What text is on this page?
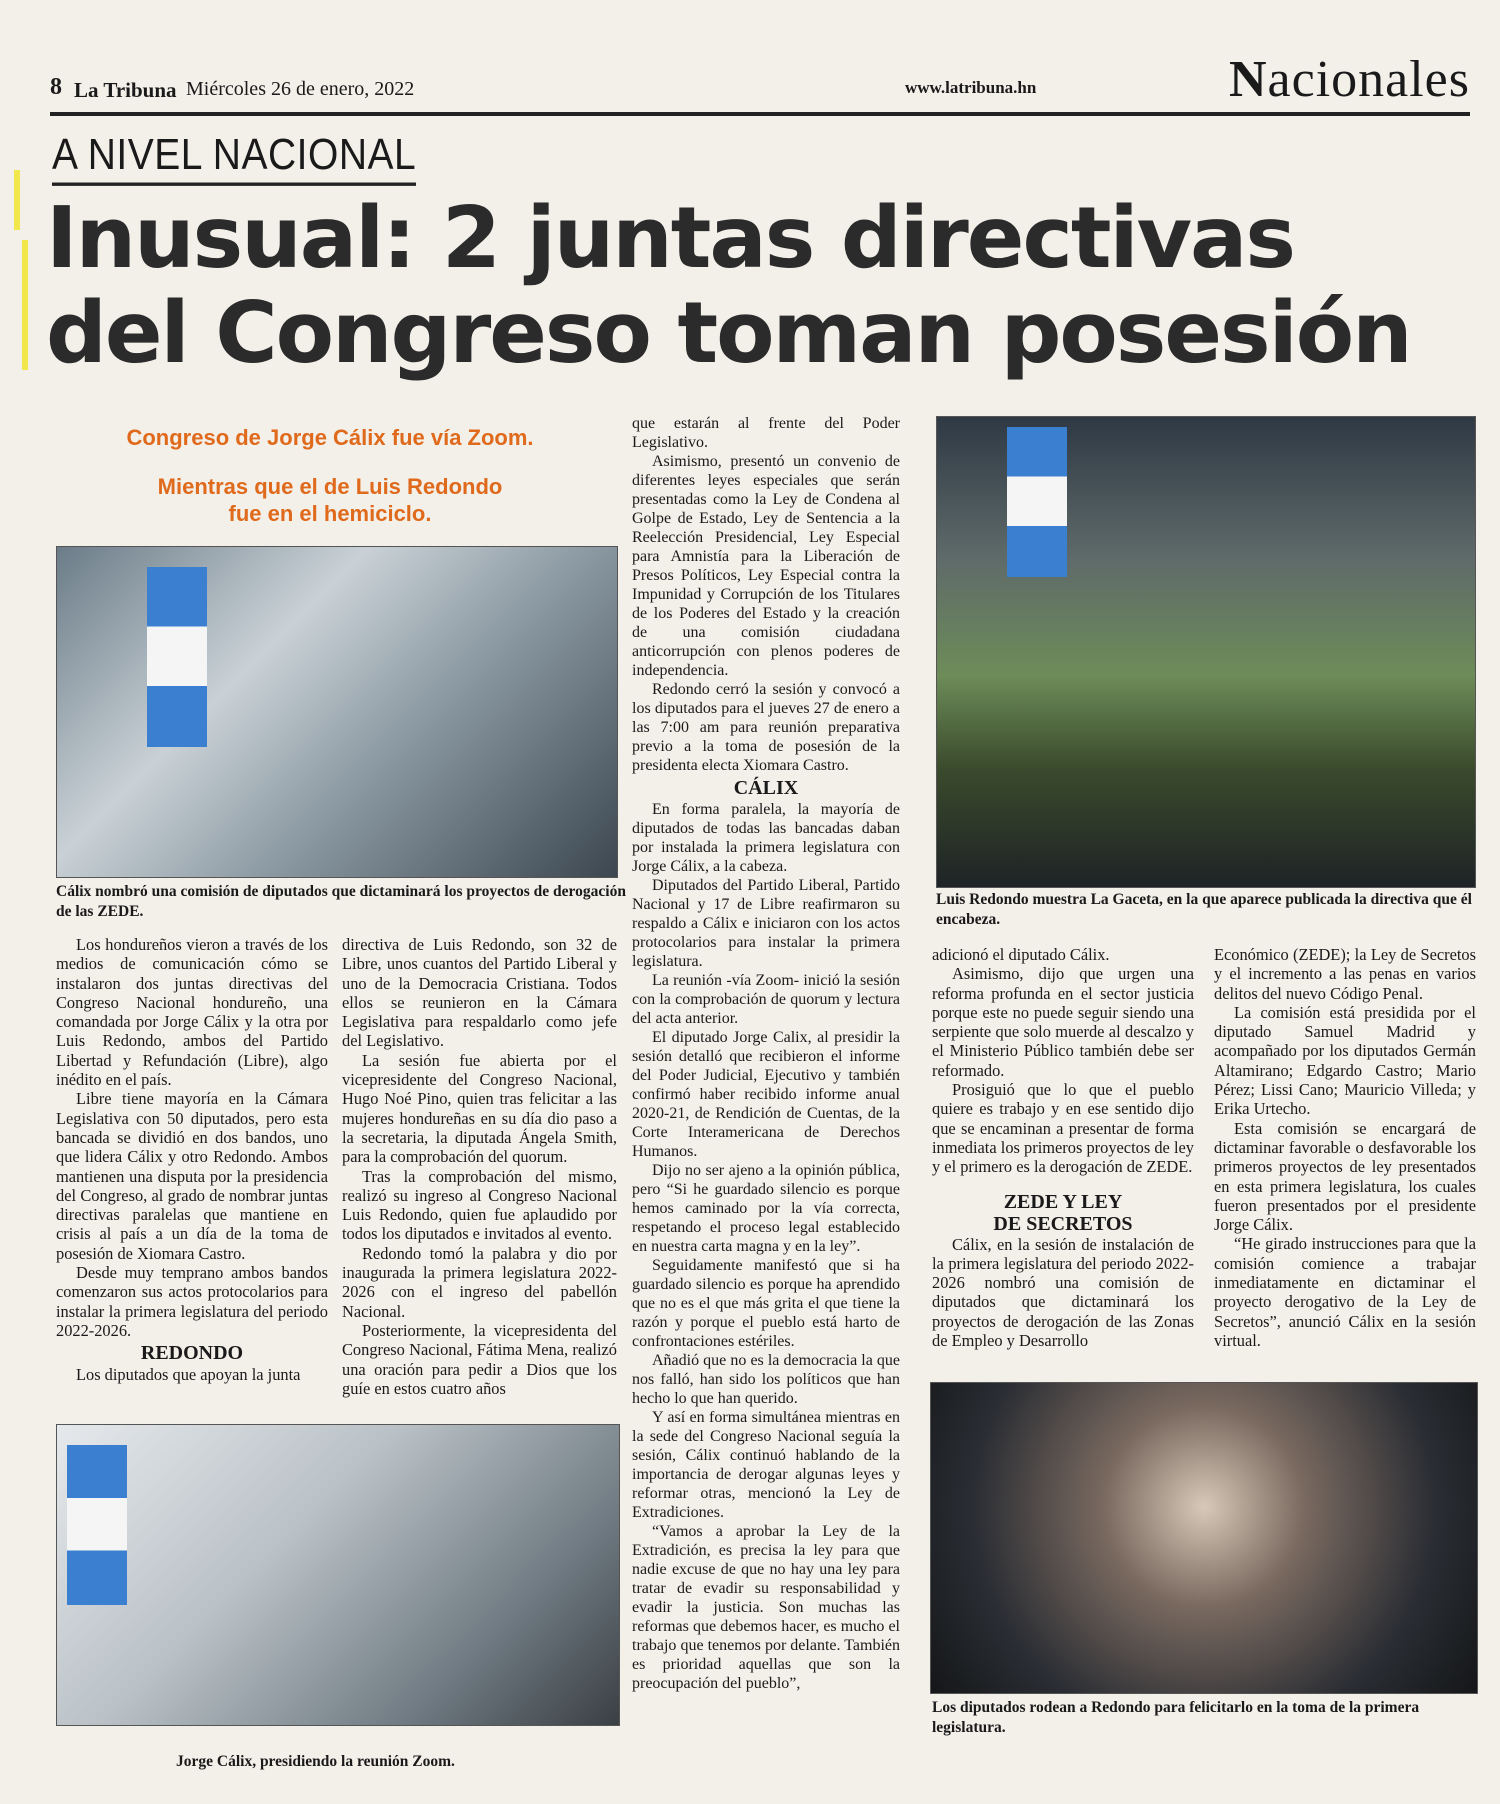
8 La Tribuna Miércoles 26 de enero, 2022	www.latribuna.hn	Nacionales
A NIVEL NACIONAL
Inusual: 2 juntas directivas
del Congreso toman posesión
Congreso de Jorge Cálix fue vía Zoom.
Mientras que el de Luis Redondo
fue en el hemiciclo.
Cálix nombró una comisión de diputados que dictaminará los proyectos de derogación de las ZEDE.
Luis Redondo muestra La Gaceta, en la que aparece publicada la directiva que él encabeza.

Los hondureños vieron a través de los medios de comunicación cómo se instalaron dos juntas directivas del Congreso Nacional hondureño, una comandada por Jorge Cálix y la otra por Luis Redondo, ambos del Partido Libertad y Refundación (Libre), algo inédito en el país.

Libre tiene mayoría en la Cámara Legislativa con 50 diputados, pero esta bancada se dividió en dos bandos, uno que lidera Cálix y otro Redondo. Ambos mantienen una disputa por la presidencia del Congreso, al grado de nombrar juntas directivas paralelas que mantiene en crisis al país a un día de la toma de posesión de Xiomara Castro.

Desde muy temprano ambos bandos comenzaron sus actos protocolarios para instalar la primera legislatura del periodo 2022-2026.

REDONDO

Los diputados que apoyan la junta

directiva de Luis Redondo, son 32 de Libre, unos cuantos del Partido Liberal y uno de la Democracia Cristiana. Todos ellos se reunieron en la Cámara Legislativa para respaldarlo como jefe del Legislativo.

La sesión fue abierta por el vicepresidente del Congreso Nacional, Hugo Noé Pino, quien tras felicitar a las mujeres hondureñas en su día dio paso a la secretaria, la diputada Ángela Smith, para la comprobación del quorum.

Tras la comprobación del mismo, realizó su ingreso al Congreso Nacional Luis Redondo, quien fue aplaudido por todos los diputados e invitados al evento.

Redondo tomó la palabra y dio por inaugurada la primera legislatura 2022-2026 con el ingreso del pabellón Nacional.

Posteriormente, la vicepresidenta del Congreso Nacional, Fátima Mena, realizó una oración para pedir a Dios que los guíe en estos cuatro años

Jorge Cálix, presidiendo la reunión Zoom.

que estarán al frente del Poder Legislativo.

Asimismo, presentó un convenio de diferentes leyes especiales que serán presentadas como la Ley de Condena al Golpe de Estado, Ley de Sentencia a la Reelección Presidencial, Ley Especial para Amnistía para la Liberación de Presos Políticos, Ley Especial contra la Impunidad y Corrupción de los Titulares de los Poderes del Estado y la creación de una comisión ciudadana anticorrupción con plenos poderes de independencia.

Redondo cerró la sesión y convocó a los diputados para el jueves 27 de enero a las 7:00 am para reunión preparativa previo a la toma de posesión de la presidenta electa Xiomara Castro.

CÁLIX

En forma paralela, la mayoría de diputados de todas las bancadas daban por instalada la primera legislatura con Jorge Cálix, a la cabeza.

Diputados del Partido Liberal, Partido Nacional y 17 de Libre reafirmaron su respaldo a Cálix e iniciaron con los actos protocolarios para instalar la primera legislatura.

La reunión -vía Zoom- inició la sesión con la comprobación de quorum y lectura del acta anterior.

El diputado Jorge Calix, al presidir la sesión detalló que recibieron el informe del Poder Judicial, Ejecutivo y también confirmó haber recibido informe anual 2020-21, de Rendición de Cuentas, de la Corte Interamericana de Derechos Humanos.

Dijo no ser ajeno a la opinión pública, pero “Si he guardado silencio es porque hemos caminado por la vía correcta, respetando el proceso legal establecido en nuestra carta magna y en la ley”.

Seguidamente manifestó que si ha guardado silencio es porque ha aprendido que no es el que más grita el que tiene la razón y porque el pueblo está harto de confrontaciones estériles.

Añadió que no es la democracia la que nos falló, han sido los políticos que han hecho lo que han querido.

Y así en forma simultánea mientras en la sede del Congreso Nacional seguía la sesión, Cálix continuó hablando de la importancia de derogar algunas leyes y reformar otras, mencionó la Ley de Extradiciones.

“Vamos a aprobar la Ley de la Extradición, es precisa la ley para que nadie excuse de que no hay una ley para tratar de evadir su responsabilidad y evadir la justicia. Son muchas las reformas que debemos hacer, es mucho el trabajo que tenemos por delante. También es prioridad aquellas que son la preocupación del pueblo”,

adicionó el diputado Cálix.

Asimismo, dijo que urgen una reforma profunda en el sector justicia porque este no puede seguir siendo una serpiente que solo muerde al descalzo y el Ministerio Público también debe ser reformado.

Prosiguió que lo que el pueblo quiere es trabajo y en ese sentido dijo que se encaminan a presentar de forma inmediata los primeros proyectos de ley y el primero es la derogación de ZEDE.

ZEDE Y LEY
DE SECRETOS

Cálix, en la sesión de instalación de la primera legislatura del periodo 2022-2026 nombró una comisión de diputados que dictaminará los proyectos de derogación de las Zonas de Empleo y Desarrollo

Económico (ZEDE); la Ley de Secretos y el incremento a las penas en varios delitos del nuevo Código Penal.

La comisión está presidida por el diputado Samuel Madrid y acompañado por los diputados Germán Altamirano; Edgardo Castro; Mario Pérez; Lissi Cano; Mauricio Villeda; y Erika Urtecho.

Esta comisión se encargará de dictaminar favorable o desfavorable los primeros proyectos de ley presentados en esta primera legislatura, los cuales fueron presentados por el presidente Jorge Cálix.

“He girado instrucciones para que la comisión comience a trabajar inmediatamente en dictaminar el proyecto derogativo de la Ley de Secretos”, anunció Cálix en la sesión virtual.

Los diputados rodean a Redondo para felicitarlo en la toma de la primera legislatura.
